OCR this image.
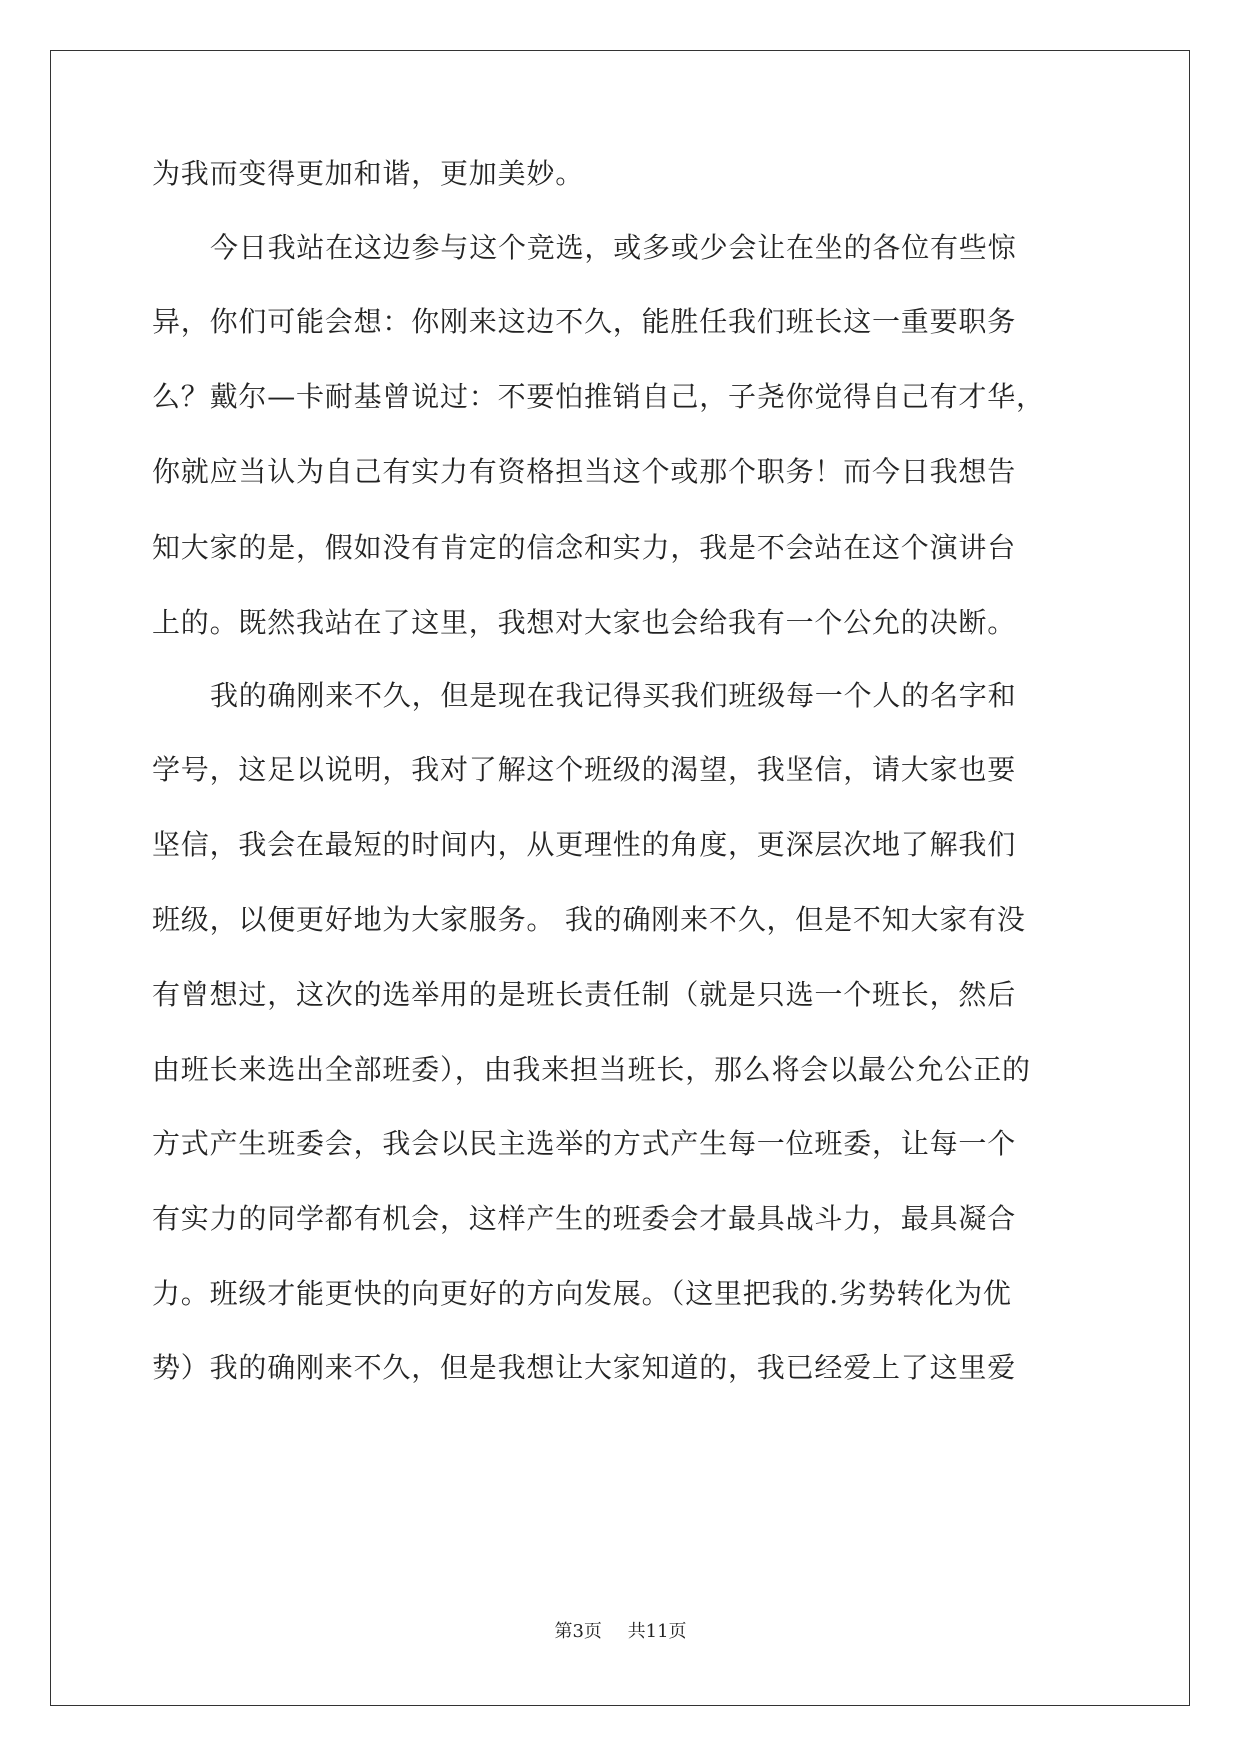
为我而变得更加和谐，更加美妙。

今日我站在这边参与这个竞选，或多或少会让在坐的各位有些惊

异，你们可能会想：你刚来这边不久，能胜任我们班长这一重要职务

么？戴尔—卡耐基曾说过：不要怕推销自己，子尧你觉得自己有才华，

你就应当认为自己有实力有资格担当这个或那个职务！而今日我想告

知大家的是，假如没有肯定的信念和实力，我是不会站在这个演讲台

上的。既然我站在了这里，我想对大家也会给我有一个公允的决断。

我的确刚来不久，但是现在我记得买我们班级每一个人的名字和

学号，这足以说明，我对了解这个班级的渴望，我坚信，请大家也要

坚信，我会在最短的时间内，从更理性的角度，更深层次地了解我们

班级，以便更好地为大家服务。 我的确刚来不久，但是不知大家有没

有曾想过，这次的选举用的是班长责任制（就是只选一个班长，然后

由班长来选出全部班委），由我来担当班长，那么将会以最公允公正的

方式产生班委会，我会以民主选举的方式产生每一位班委，让每一个

有实力的同学都有机会，这样产生的班委会才最具战斗力，最具凝合

力。班级才能更快的向更好的方向发展。（这里把我的.劣势转化为优

势）我的确刚来不久，但是我想让大家知道的，我已经爱上了这里爱

第3页 共11页
